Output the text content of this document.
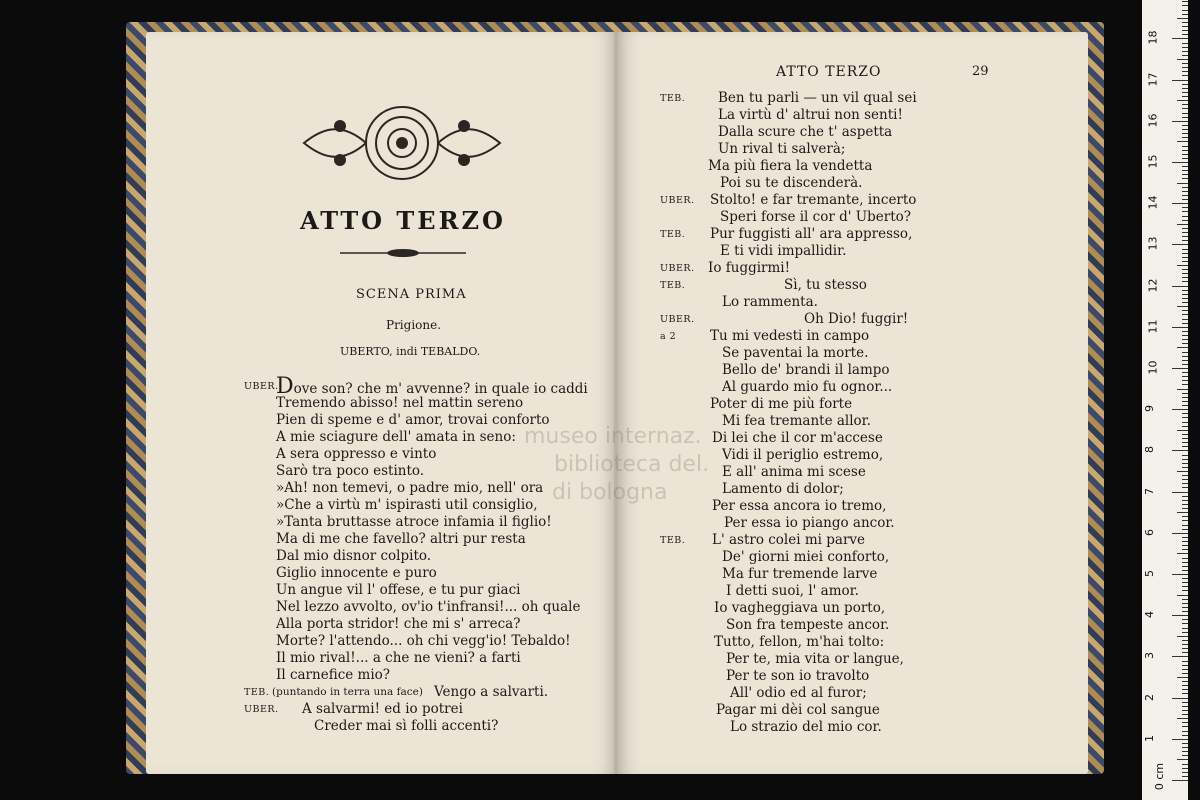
ATTO TERZO
SCENA PRIMA
Prigione.
UBERTO, indi TEBALDO.
UBER.
Dove son? che m' avvenne? in quale io caddi
Tremendo abisso! nel mattin sereno
Pien di speme e d' amor, trovai conforto
A mie sciagure dell' amata in seno:
A sera oppresso e vinto
Sarò tra poco estinto.
»Ah! non temevi, o padre mio, nell' ora
»Che a virtù m' ispirasti util consiglio,
»Tanta bruttasse atroce infamia il figlio!
Ma di me che favello? altri pur resta
Dal mio disnor colpito.
Giglio innocente e puro
Un angue vil l' offese, e tu pur giaci
Nel lezzo avvolto, ov'io t'infransi!... oh quale
Alla porta stridor! che mi s' arreca?
Morte? l'attendo... oh chi vegg'io! Tebaldo!
Il mio rival!... a che ne vieni? a farti
Il carnefice mio?
TEB. (puntando in terra una face) Vengo a salvarti.
UBER. A salvarmi! ed io potrei
Creder mai sì folli accenti?
ATTO TERZO	29
TEB. Ben tu parli — un vil qual sei
La virtù d' altrui non senti!
Dalla scure che t' aspetta
Un rival ti salverà;
Ma più fiera la vendetta
Poi su te discenderà.
UBER. Stolto! e far tremante, incerto
Speri forse il cor d' Uberto?
TEB. Pur fuggisti all' ara appresso,
E ti vidi impallidir.
UBER. Io fuggirmi!
TEB.	Sì, tu stesso
Lo rammenta.
UBER.	Oh Dio! fuggir!
a 2	Tu mi vedesti in campo
Se paventai la morte.
Bello de' brandi il lampo
Al guardo mio fu ognor...
Poter di me più forte
Mi fea tremante allor.
Di lei che il cor m'accese
Vidi il periglio estremo,
E all' anima mi scese
Lamento di dolor;
Per essa ancora io tremo,
Per essa io piango ancor.
TEB. L' astro colei mi parve
De' giorni miei conforto,
Ma fur tremende larve
I detti suoi, l' amor.
Io vagheggiava un porto,
Son fra tempeste ancor.
Tutto, fellon, m'hai tolto:
Per te, mia vita or langue,
Per te son io travolto
All' odio ed al furor;
Pagar mi dèi col sangue
Lo strazio del mio cor.
museo internaz.
biblioteca del.
di bologna
0 cm
1
2
3
4
5
6
7
8
9
10
11
12
13
14
15
16
17
18
